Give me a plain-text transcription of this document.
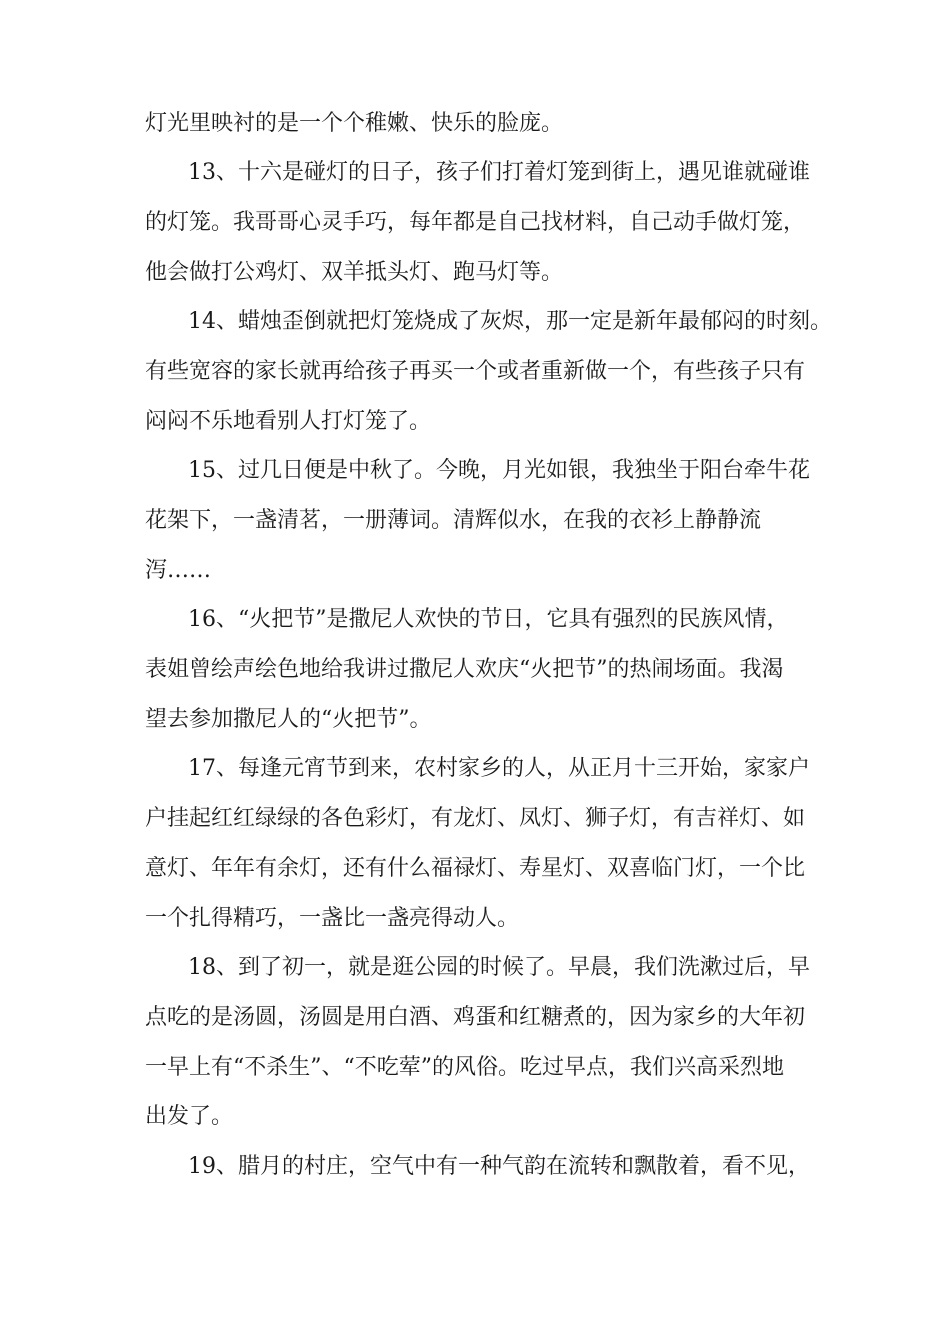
灯光里映衬的是一个个稚嫩、快乐的脸庞。
13、十六是碰灯的日子，孩子们打着灯笼到街上，遇见谁就碰谁
的灯笼。我哥哥心灵手巧，每年都是自己找材料，自己动手做灯笼，
他会做打公鸡灯、双羊抵头灯、跑马灯等。
14、蜡烛歪倒就把灯笼烧成了灰烬，那一定是新年最郁闷的时刻。
有些宽容的家长就再给孩子再买一个或者重新做一个，有些孩子只有
闷闷不乐地看别人打灯笼了。
15、过几日便是中秋了。今晚，月光如银，我独坐于阳台牵牛花
花架下，一盏清茗，一册薄词。清辉似水，在我的衣衫上静静流
泻……
16、“火把节”是撒尼人欢快的节日，它具有强烈的民族风情，
表姐曾绘声绘色地给我讲过撒尼人欢庆“火把节”的热闹场面。我渴
望去参加撒尼人的“火把节”。
17、每逢元宵节到来，农村家乡的人，从正月十三开始，家家户
户挂起红红绿绿的各色彩灯，有龙灯、凤灯、狮子灯，有吉祥灯、如
意灯、年年有余灯，还有什么福禄灯、寿星灯、双喜临门灯，一个比
一个扎得精巧，一盏比一盏亮得动人。
18、到了初一，就是逛公园的时候了。早晨，我们洗漱过后，早
点吃的是汤圆，汤圆是用白酒、鸡蛋和红糖煮的，因为家乡的大年初
一早上有“不杀生”、“不吃荤”的风俗。吃过早点，我们兴高采烈地
出发了。
19、腊月的村庄，空气中有一种气韵在流转和飘散着，看不见，
